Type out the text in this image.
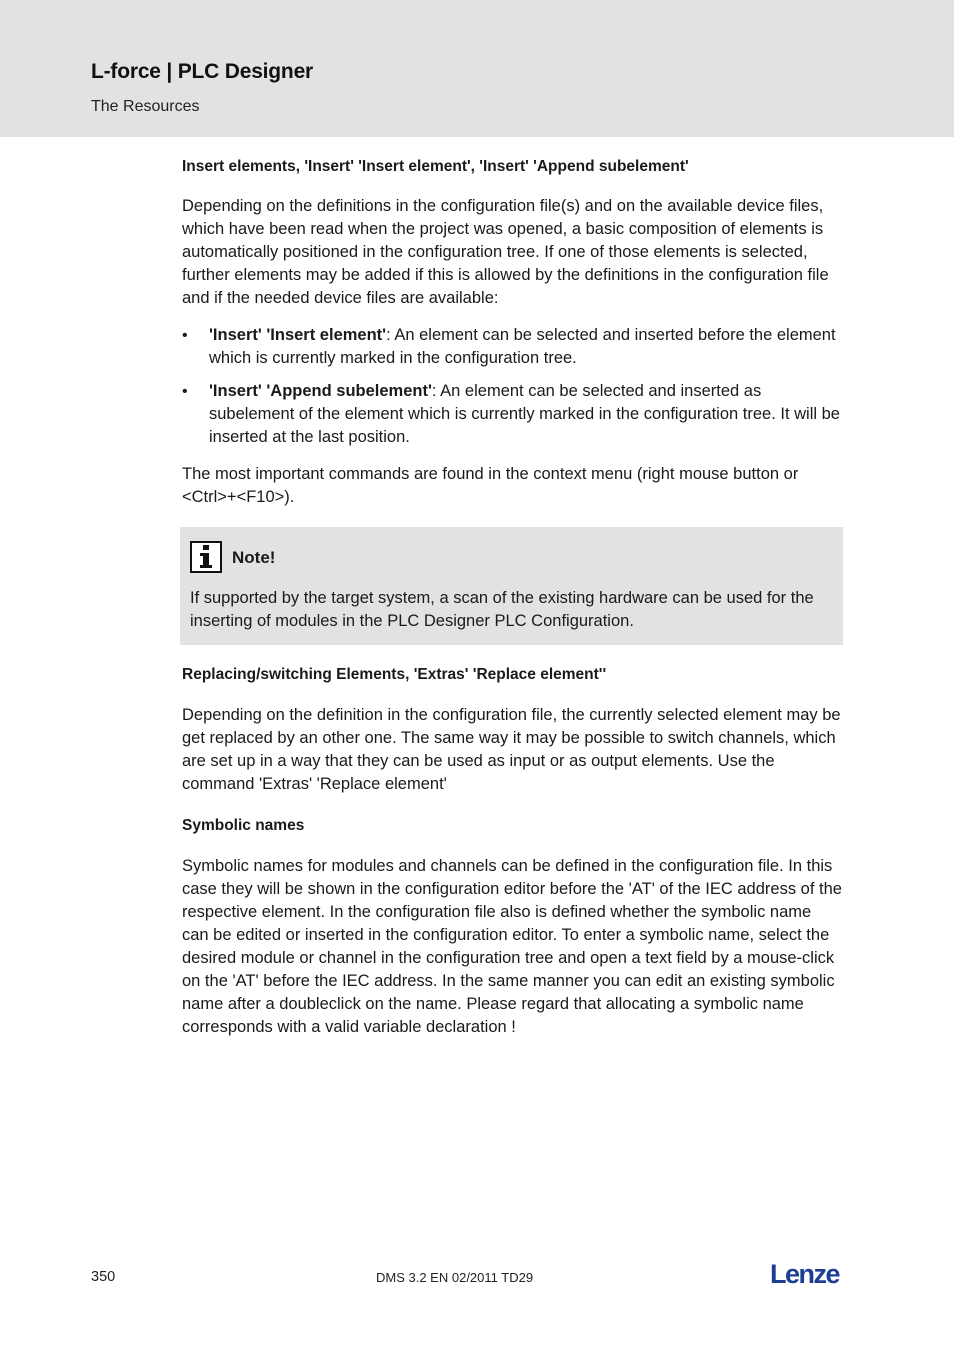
L-force | PLC Designer
The Resources
Insert elements, 'Insert' 'Insert element', 'Insert' 'Append subelement'

Depending on the definitions in the configuration file(s) and on the available device files, which have been read when the project was opened, a basic composition of elements is automatically positioned in the configuration tree. If one of those elements is selected, further elements may be added if this is allowed by the definitions in the configuration file and if the needed device files are available:

• 'Insert' 'Insert element': An element can be selected and inserted before the element which is currently marked in the configuration tree.
• 'Insert' 'Append subelement': An element can be selected and inserted as subelement of the element which is currently marked in the configuration tree. It will be inserted at the last position.

The most important commands are found in the context menu (right mouse button or <Ctrl>+<F10>).

Note!

If supported by the target system, a scan of the existing hardware can be used for the inserting of modules in the PLC Designer PLC Configuration.

Replacing/switching Elements, 'Extras' 'Replace element''

Depending on the definition in the configuration file, the currently selected element may be get replaced by an other one. The same way it may be possible to switch channels, which are set up in a way that they can be used as input or as output elements. Use the command 'Extras' 'Replace element'

Symbolic names

Symbolic names for modules and channels can be defined in the configuration file. In this case they will be shown in the configuration editor before the 'AT' of the IEC address of the respective element. In the configuration file also is defined whether the symbolic name can be edited or inserted in the configuration editor. To enter a symbolic name, select the desired module or channel in the configuration tree and open a text field by a mouse-click on the 'AT' before the IEC address. In the same manner you can edit an existing symbolic name after a doubleclick on the name. Please regard that allocating a symbolic name corresponds with a valid variable declaration !

350	DMS 3.2 EN 02/2011 TD29	Lenze
